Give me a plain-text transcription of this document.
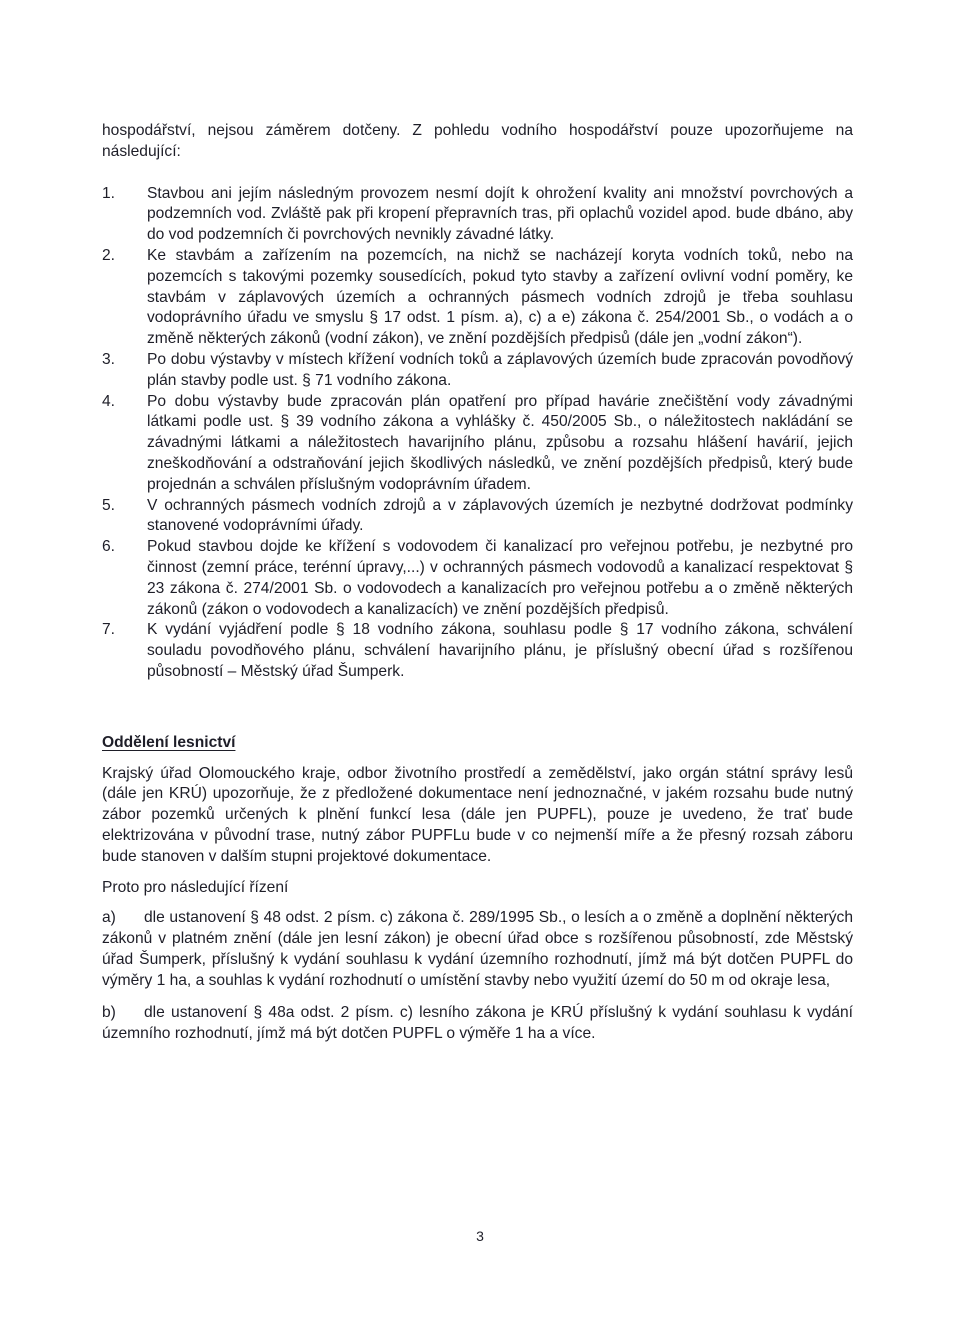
hospodářství, nejsou záměrem dotčeny. Z pohledu vodního hospodářství pouze upozorňujeme na následující:

1.	Stavbou ani jejím následným provozem nesmí dojít k ohrožení kvality ani množství povrchových a podzemních vod. Zvláště pak při kropení přepravních tras, při oplachů vozidel apod. bude dbáno, aby do vod podzemních či povrchových nevnikly závadné látky.
2.	Ke stavbám a zařízením na pozemcích, na nichž se nacházejí koryta vodních toků, nebo na pozemcích s takovými pozemky sousedících, pokud tyto stavby a zařízení ovlivní vodní poměry, ke stavbám v záplavových územích a ochranných pásmech vodních zdrojů je třeba souhlasu vodoprávního úřadu ve smyslu § 17 odst. 1 písm. a), c) a e) zákona č. 254/2001 Sb., o vodách a o změně některých zákonů (vodní zákon), ve znění pozdějších předpisů (dále jen „vodní zákon“).
3.	Po dobu výstavby v místech křížení vodních toků a záplavových územích bude zpracován povodňový plán stavby podle ust. § 71 vodního zákona.
4.	Po dobu výstavby bude zpracován plán opatření pro případ havárie znečištění vody závadnými látkami podle ust. § 39 vodního zákona a vyhlášky č. 450/2005 Sb., o náležitostech nakládání se závadnými látkami a náležitostech havarijního plánu, způsobu a rozsahu hlášení havárií, jejich zneškodňování a odstraňování jejich škodlivých následků, ve znění pozdějších předpisů, který bude projednán a schválen příslušným vodoprávním úřadem.
5.	V ochranných pásmech vodních zdrojů a v záplavových územích je nezbytné dodržovat podmínky stanovené vodoprávními úřady.
6.	Pokud stavbou dojde ke křížení s vodovodem či kanalizací pro veřejnou potřebu, je nezbytné pro činnost (zemní práce, terénní úpravy,...) v ochranných pásmech vodovodů a kanalizací respektovat § 23 zákona č. 274/2001 Sb. o vodovodech a kanalizacích pro veřejnou potřebu a o změně některých zákonů (zákon o vodovodech a kanalizacích) ve znění pozdějších předpisů.
7.	K vydání vyjádření podle § 18 vodního zákona, souhlasu podle § 17 vodního zákona, schválení souladu povodňového plánu, schválení havarijního plánu, je příslušný obecní úřad s rozšířenou působností – Městský úřad Šumperk.
Oddělení lesnictví

Krajský úřad Olomouckého kraje, odbor životního prostředí a zemědělství, jako orgán státní správy lesů (dále jen KRÚ) upozorňuje, že z předložené dokumentace není jednoznačné, v jakém rozsahu bude nutný zábor pozemků určených k plnění funkcí lesa (dále jen PUPFL), pouze je uvedeno, že trať bude elektrizována v původní trase, nutný zábor PUPFLu bude v co nejmenší míře a že přesný rozsah záboru bude stanoven v dalším stupni projektové dokumentace.

Proto pro následující řízení

a) dle ustanovení § 48 odst. 2 písm. c) zákona č. 289/1995 Sb., o lesích a o změně a doplnění některých zákonů v platném znění (dále jen lesní zákon) je obecní úřad obce s rozšířenou působností, zde Městský úřad Šumperk, příslušný k vydání souhlasu k vydání územního rozhodnutí, jímž má být dotčen PUPFL do výměry 1 ha, a souhlas k vydání rozhodnutí o umístění stavby nebo využití území do 50 m od okraje lesa,

b) dle ustanovení § 48a odst. 2 písm. c) lesního zákona je KRÚ příslušný k vydání souhlasu k vydání územního rozhodnutí, jímž má být dotčen PUPFL o výměře 1 ha a více.

3
